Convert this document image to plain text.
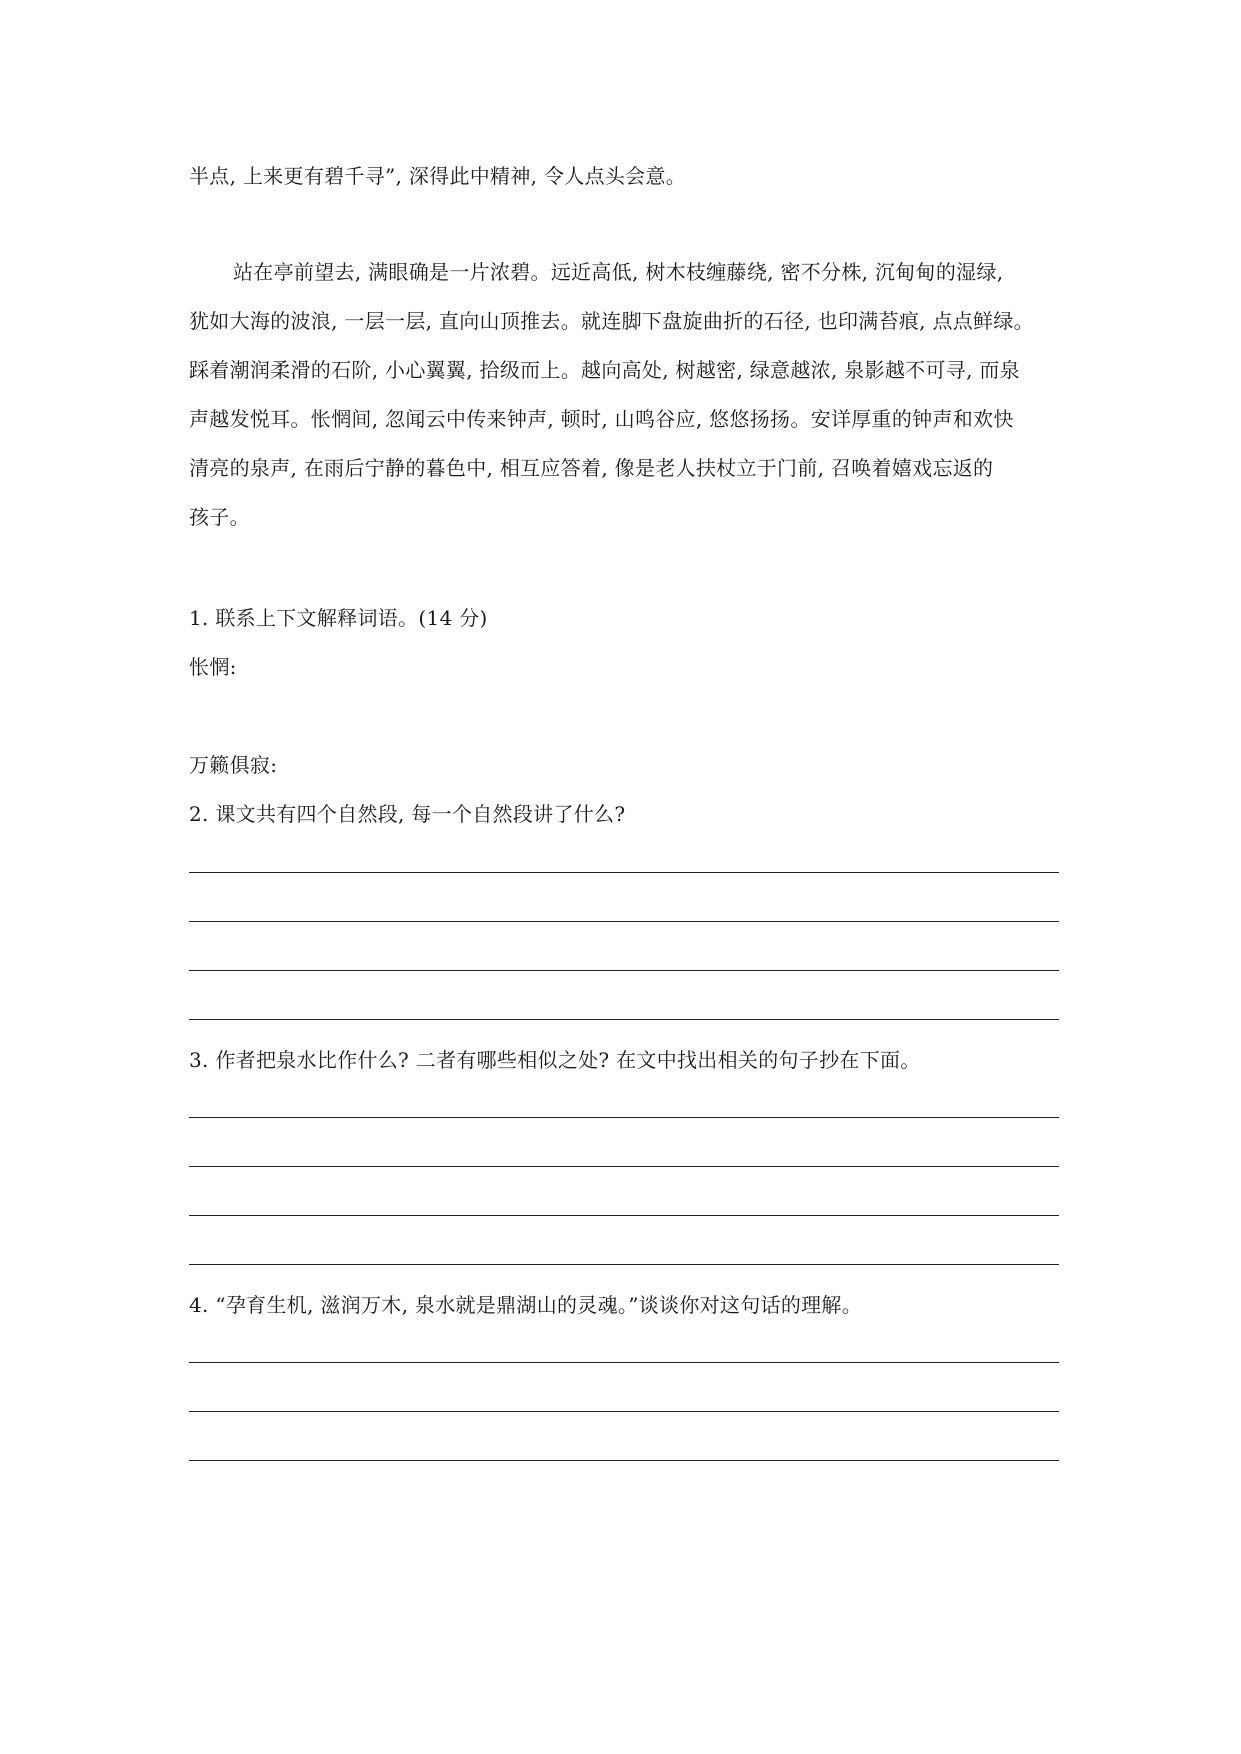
半点, 上来更有碧千寻”, 深得此中精神, 令人点头会意。
站在亭前望去, 满眼确是一片浓碧。远近高低, 树木枝缠藤绕, 密不分株, 沉甸甸的湿绿,
犹如大海的波浪, 一层一层, 直向山顶推去。就连脚下盘旋曲折的石径, 也印满苔痕, 点点鲜绿。
踩着潮润柔滑的石阶, 小心翼翼, 拾级而上。越向高处, 树越密, 绿意越浓, 泉影越不可寻, 而泉
声越发悦耳。怅惘间, 忽闻云中传来钟声, 顿时, 山鸣谷应, 悠悠扬扬。安详厚重的钟声和欢快
清亮的泉声, 在雨后宁静的暮色中, 相互应答着, 像是老人扶杖立于门前, 召唤着嬉戏忘返的
孩子。
1. 联系上下文解释词语。(14 分)
怅惘:
万籁俱寂:
2. 课文共有四个自然段, 每一个自然段讲了什么?
3. 作者把泉水比作什么? 二者有哪些相似之处? 在文中找出相关的句子抄在下面。
4. “孕育生机, 滋润万木, 泉水就是鼎湖山的灵魂。”谈谈你对这句话的理解。
